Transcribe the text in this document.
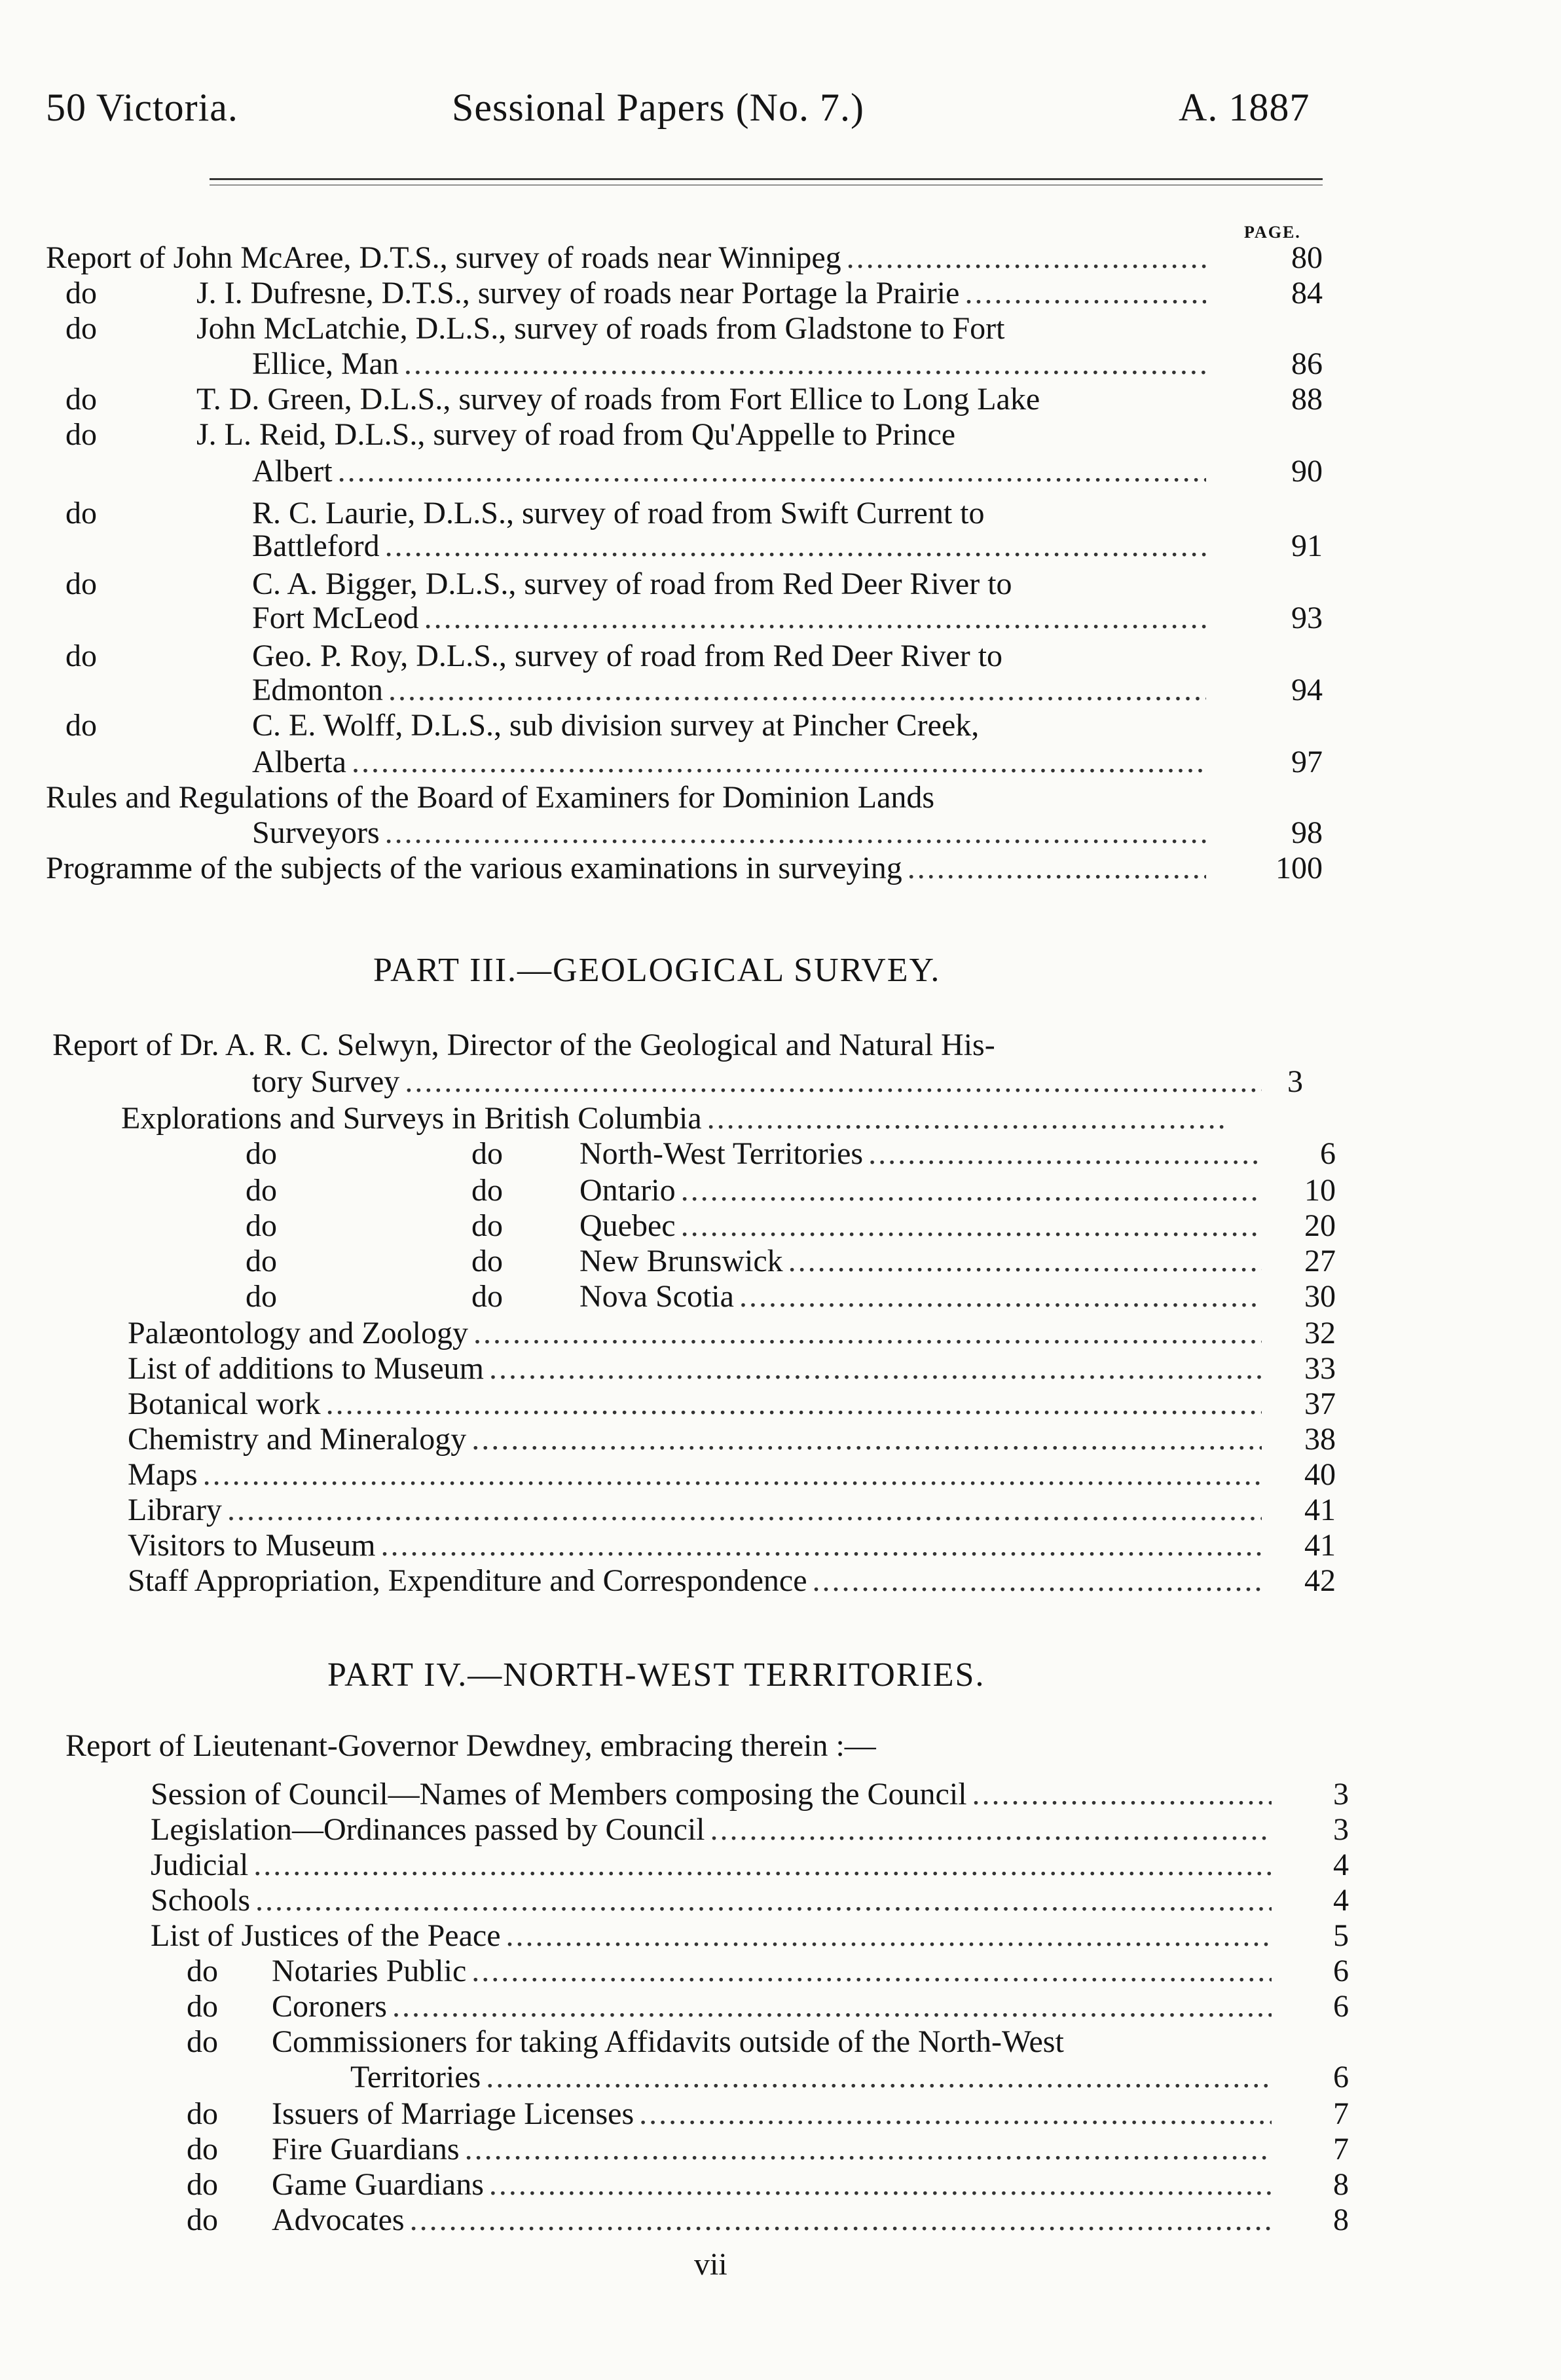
50 Victoria.	Sessional Papers (No. 7.)	A. 1887
PAGE.
Report of John McAree, D.T.S., survey of roads near Winnipeg .....	80
do	J. I. Dufresne, D.T.S., survey of roads near Portage la Prairie .....	84
do	John McLatchie, D.L.S., survey of roads from Gladstone to Fort
Ellice, Man .....	86
do	T. D. Green, D.L.S., survey of roads from Fort Ellice to Long Lake	88
do	J. L. Reid, D.L.S., survey of road from Qu'Appelle to Prince
Albert .....	90
do	R. C. Laurie, D.L.S., survey of road from Swift Current to
Battleford .....	91
do	C. A. Bigger, D.L.S., survey of road from Red Deer River to
Fort McLeod .....	93
do	Geo. P. Roy, D.L.S., survey of road from Red Deer River to
Edmonton .....	94
do	C. E. Wolff, D.L.S., sub division survey at Pincher Creek,
Alberta .....	97
Rules and Regulations of the Board of Examiners for Dominion Lands
Surveyors .....	98
Programme of the subjects of the various examinations in surveying .....	100
PART III.—GEOLOGICAL SURVEY.
Report of Dr. A. R. C. Selwyn, Director of the Geological and Natural His-
tory Survey .....	3
Explorations and Surveys in British Columbia
.....
do	do North-West Territories .....	6
do	do Ontario .....	10
do	do Quebec .....	20
do	do New Brunswick .....	27
do	do Nova Scotia .....	30
Palæontology and Zoology .....	32
List of additions to Museum .....	33
Botanical work .....	37
Chemistry and Mineralogy .....	38
Maps .....	40
Library .....	41
Visitors to Museum .....	41
Staff Appropriation, Expenditure and Correspondence .....	42
PART IV.—NORTH-WEST TERRITORIES.
Report of Lieutenant-Governor Dewdney, embracing therein :—
Session of Council—Names of Members composing the Council .....	3
Legislation—Ordinances passed by Council .....	3
Judicial .....	4
Schools .....	4
List of Justices of the Peace .....	5
do Notaries Public .....	6
do Coroners .....	6
do Commissioners for taking Affidavits outside of the North-West
Territories .....	6
do Issuers of Marriage Licenses .....	7
do Fire Guardians .....	7
do Game Guardians .....	8
do Advocates .....	8
vii
